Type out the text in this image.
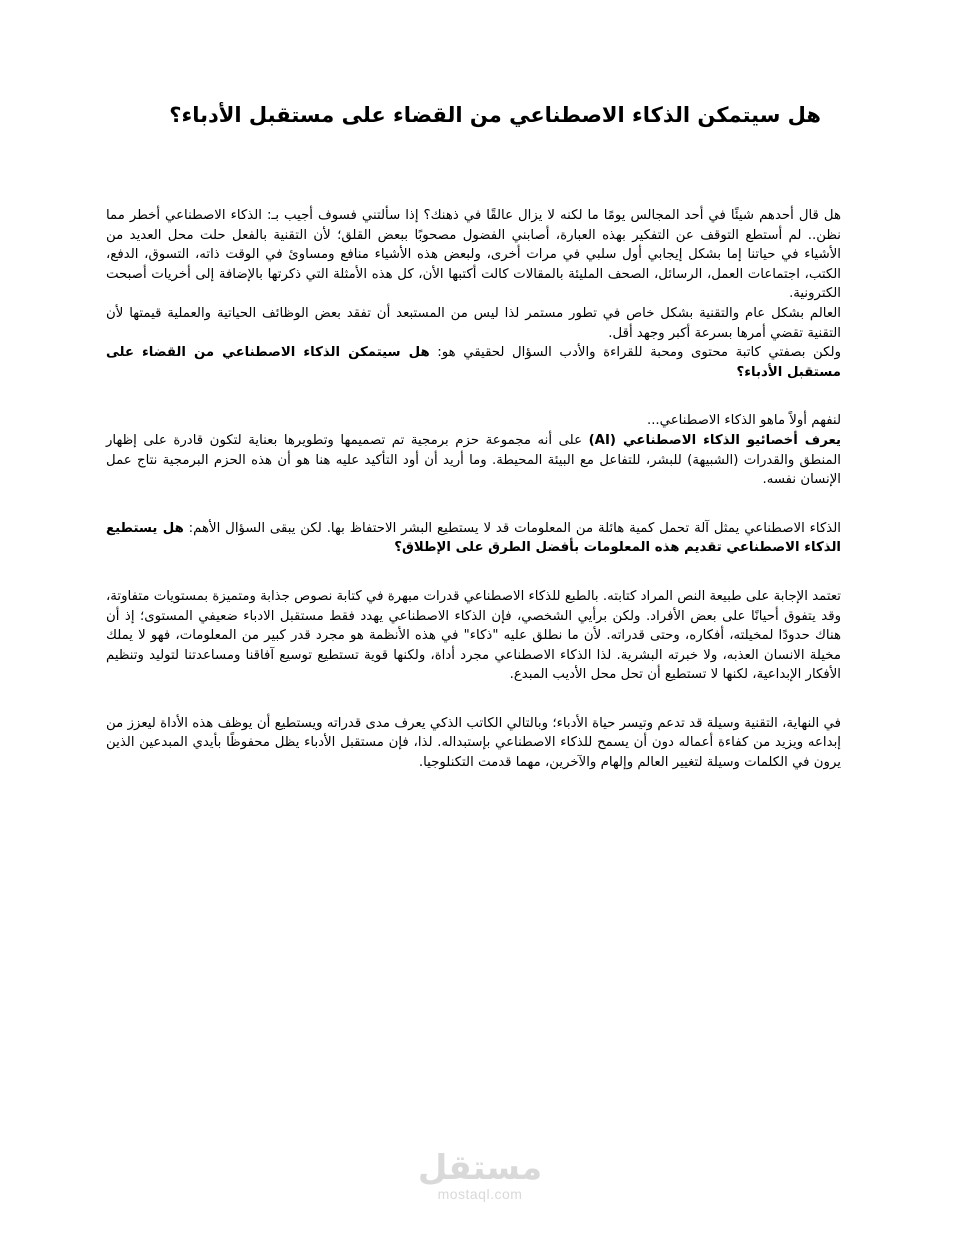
هل سيتمكن الذكاء الاصطناعي من القضاء على مستقبل الأدباء؟

هل قال أحدهم شيئًا في أحد المجالس يومًا ما لكنه لا يزال عالقًا في ذهنك؟ إذا سألتني فسوف أجيب بـ: الذكاء الاصطناعي أخطر مما نظن.. لم أستطع التوقف عن التفكير بهذه العبارة، أصابني الفضول مصحوبًا ببعض القلق؛ لأن التقنية بالفعل حلت محل العديد من الأشياء في حياتنا إما بشكل إيجابي أول سلبي في مرات أخرى، ولبعض هذه الأشياء منافع ومساوئ في الوقت ذاته، التسوق، الدفع، الكتب، اجتماعات العمل، الرسائل، الصحف المليئة بالمقالات كالت أكتبها الأن، كل هذه الأمثلة التي ذكرتها بالإضافة إلى أخريات أصبحت الكترونية.

العالم بشكل عام والتقنية بشكل خاص في تطور مستمر لذا ليس من المستبعد أن تفقد بعض الوظائف الحياتية والعملية قيمتها لأن التقنية تقضي أمرها بسرعة أكبر وجهد أقل.

ولكن بصفتي كاتبة محتوى ومحبة للقراءة والأدب السؤال لحقيقي هو: هل سيتمكن الذكاء الاصطناعي من القضاء على مستقبل الأدباء؟

لنفهم أولاً ماهو الذكاء الاصطناعي...

يعرف أخصائيو الذكاء الاصطناعي (AI) على أنه مجموعة حزم برمجية تم تصميمها وتطويرها بعناية لتكون قادرة على إظهار المنطق والقدرات (الشبيهة) للبشر، للتفاعل مع البيئة المحيطة. وما أريد أن أود التأكيد عليه هنا هو أن هذه الحزم البرمجية نتاج عمل الإنسان نفسه.

الذكاء الاصطناعي يمثل آلة تحمل كمية هائلة من المعلومات قد لا يستطيع البشر الاحتفاظ بها. لكن يبقى السؤال الأهم: هل يستطيع الذكاء الاصطناعي تقديم هذه المعلومات بأفضل الطرق على الإطلاق؟

تعتمد الإجابة على طبيعة النص المراد كتابته. بالطبع للذكاء الاصطناعي قدرات مبهرة في كتابة نصوص جذابة ومتميزة بمستويات متفاوتة، وقد يتفوق أحيانًا على بعض الأفراد. ولكن برأيي الشخصي، فإن الذكاء الاصطناعي يهدد فقط مستقبل الادباء ضعيفي المستوى؛ إذ أن هناك حدودًا لمخيلته، أفكاره، وحتى قدراته. لأن ما نطلق عليه "ذكاء" في هذه الأنظمة هو مجرد قدر كبير من المعلومات، فهو لا يملك مخيلة الانسان العذبه، ولا خبرته البشرية. لذا الذكاء الاصطناعي مجرد أداة، ولكنها قوية تستطيع توسيع آفاقنا ومساعدتنا لتوليد وتنظيم الأفكار الإبداعية، لكنها لا تستطيع أن تحل محل الأديب المبدع.

في النهاية، التقنية وسيلة قد تدعم وتيسر حياة الأدباء؛ وبالتالي الكاتب الذكي يعرف مدى قدراته ويستطيع أن يوظف هذه الأداة ليعزز من إبداعه ويزيد من كفاءة أعماله دون أن يسمح للذكاء الاصطناعي بإستبداله. لذا، فإن مستقبل الأدباء يظل محفوظًا بأيدي المبدعين الذين يرون في الكلمات وسيلة لتغيير العالم وإلهام والآخرين، مهما قدمت التكنلوجيا.

مستقل
mostaql.com
